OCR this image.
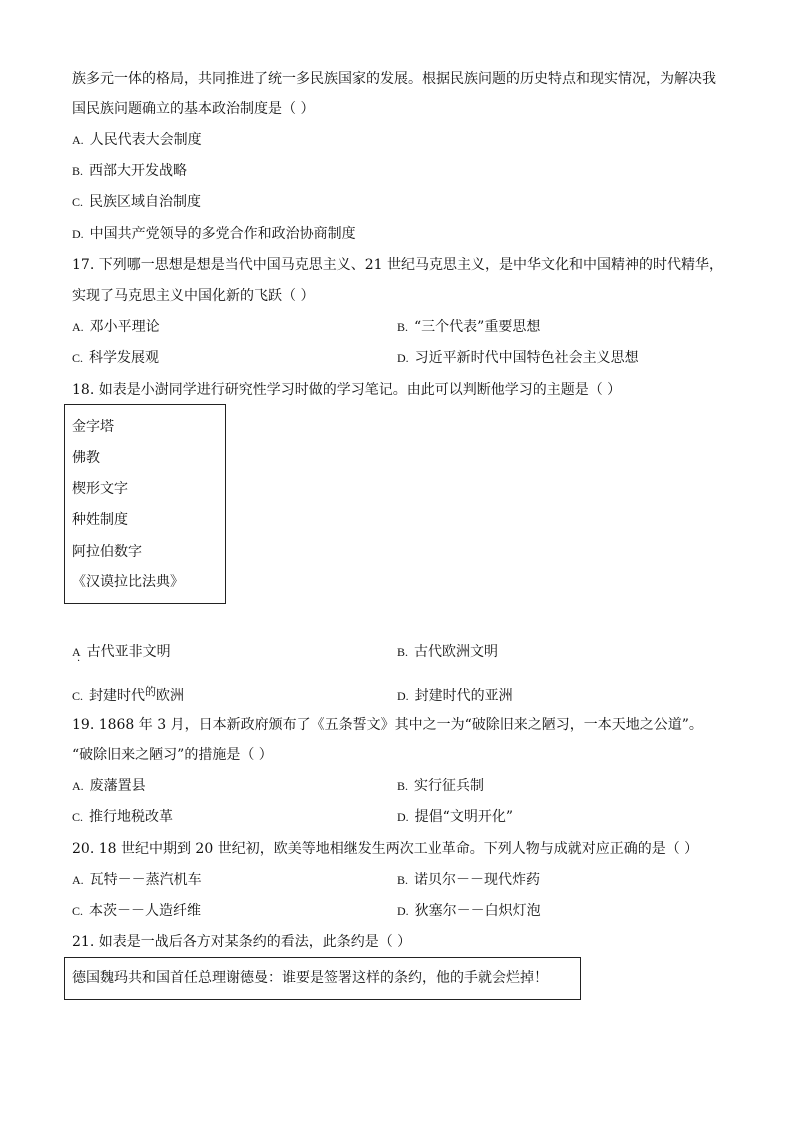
族多元一体的格局，共同推进了统一多民族国家的发展。根据民族问题的历史特点和现实情况，为解决我
国民族问题确立的基本政治制度是（ ）
A. 人民代表大会制度
B. 西部大开发战略
C. 民族区域自治制度
D. 中国共产党领导的多党合作和政治协商制度
17. 下列哪一思想是想是当代中国马克思主义、21 世纪马克思主义，是中华文化和中国精神的时代精华，
实现了马克思主义中国化新的飞跃（ ）
A. 邓小平理论	B. “三个代表”重要思想
C. 科学发展观	D. 习近平新时代中国特色社会主义思想
18. 如表是小澍同学进行研究性学习时做的学习笔记。由此可以判断他学习的主题是（ ）
金字塔
佛教
楔形文字
种姓制度
阿拉伯数字
《汉谟拉比法典》
A 古代亚非文明
·
B. 古代欧洲文明
C. 封建时代$^的$欧洲	D. 封建时代的亚洲
19. 1868 年 3 月，日本新政府颁布了《五条誓文》其中之一为“破除旧来之陋习，一本天地之公道”。
“破除旧来之陋习”的措施是（ ）
A. 废藩置县	B. 实行征兵制
C. 推行地税改革	D. 提倡“文明开化”
20. 18 世纪中期到 20 世纪初，欧美等地相继发生两次工业革命。下列人物与成就对应正确的是（ ）
A. 瓦特－－蒸汽机车	B. 诺贝尔－－现代炸药
C. 本茨－－人造纤维	D. 狄塞尔－－白炽灯泡
21. 如表是一战后各方对某条约的看法，此条约是（ ）
德国魏玛共和国首任总理谢德曼：谁要是签署这样的条约，他的手就会烂掉！
